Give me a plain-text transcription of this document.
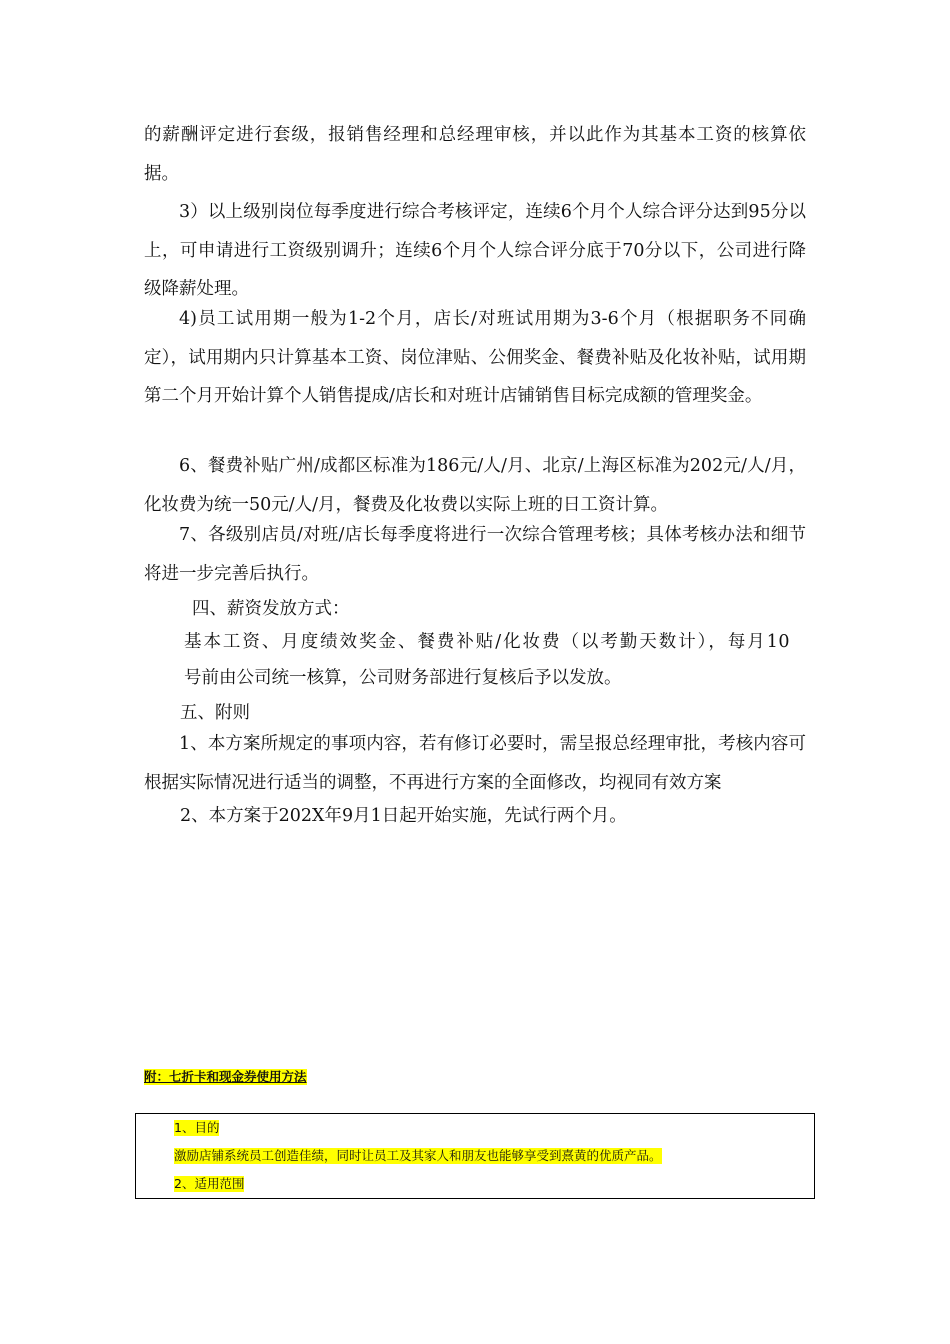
的薪酬评定进行套级，报销售经理和总经理审核，并以此作为其基本工资的核算依据。

3）以上级别岗位每季度进行综合考核评定，连续6个月个人综合评分达到95分以上，可申请进行工资级别调升；连续6个月个人综合评分底于70分以下，公司进行降级降薪处理。

4)员工试用期一般为1-2个月，店长/对班试用期为3-6个月（根据职务不同确定），试用期内只计算基本工资、岗位津贴、公佣奖金、餐费补贴及化妆补贴，试用期第二个月开始计算个人销售提成/店长和对班计店铺销售目标完成额的管理奖金。

6、餐费补贴广州/成都区标准为186元/人/月、北京/上海区标准为202元/人/月，化妆费为统一50元/人/月，餐费及化妆费以实际上班的日工资计算。

7、各级别店员/对班/店长每季度将进行一次综合管理考核；具体考核办法和细节将进一步完善后执行。

四、薪资发放方式：
基本工资、月度绩效奖金、餐费补贴/化妆费（以考勤天数计），每月10
号前由公司统一核算，公司财务部进行复核后予以发放。
五、附则

1、本方案所规定的事项内容，若有修订必要时，需呈报总经理审批，考核内容可根据实际情况进行适当的调整，不再进行方案的全面修改，均视同有效方案

2、本方案于202X年9月1日起开始实施，先试行两个月。
附：七折卡和现金券使用方法
1、目的
激励店铺系统员工创造佳绩，同时让员工及其家人和朋友也能够享受到熹黄的优质产品。
2、适用范围
